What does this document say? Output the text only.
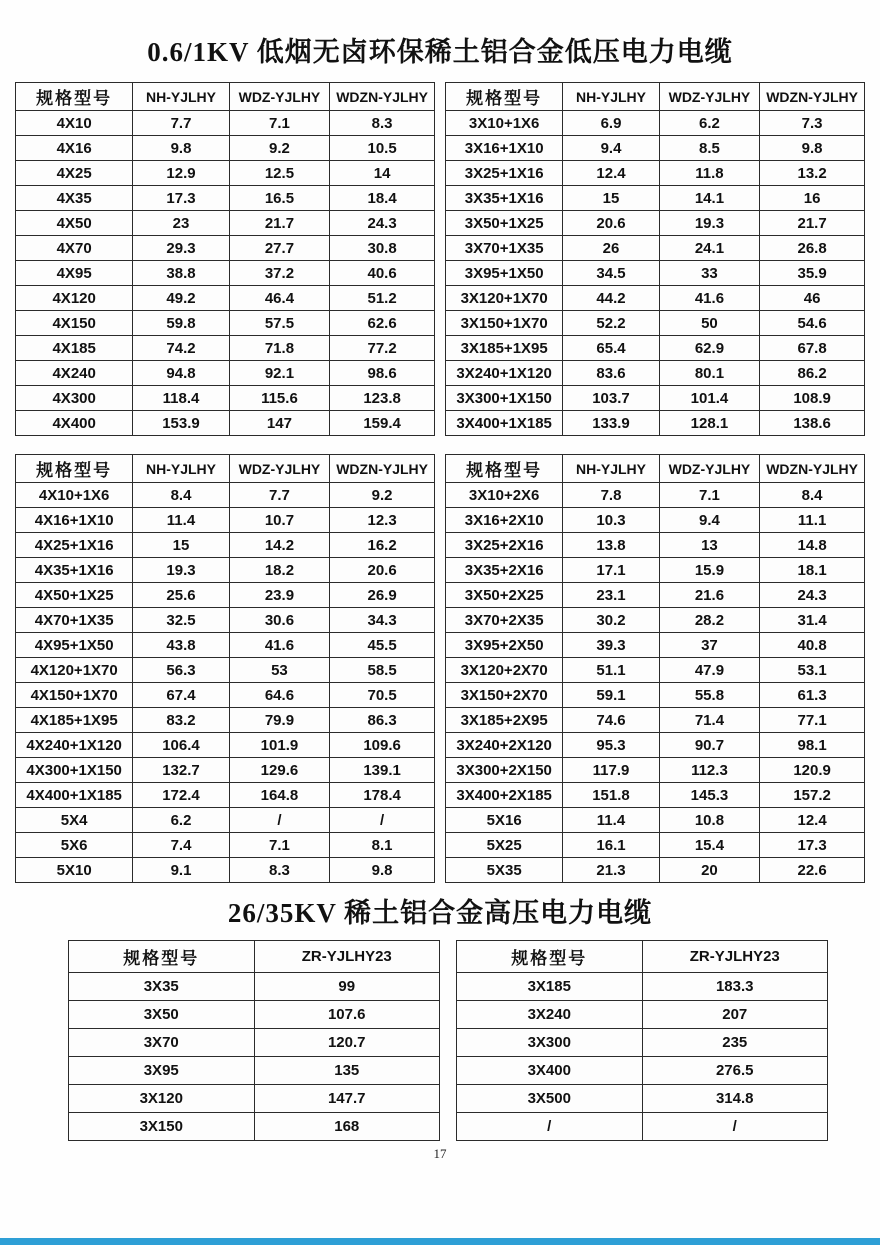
0.6/1KV 低烟无卤环保稀土铝合金低压电力电缆
规格型号	NH-YJLHY	WDZ-YJLHY	WDZN-YJLHY
4X10	7.7	7.1	8.3
4X16	9.8	9.2	10.5
4X25	12.9	12.5	14
4X35	17.3	16.5	18.4
4X50	23	21.7	24.3
4X70	29.3	27.7	30.8
4X95	38.8	37.2	40.6
4X120	49.2	46.4	51.2
4X150	59.8	57.5	62.6
4X185	74.2	71.8	77.2
4X240	94.8	92.1	98.6
4X300	118.4	115.6	123.8
4X400	153.9	147	159.4
规格型号	NH-YJLHY	WDZ-YJLHY	WDZN-YJLHY
3X10+1X6	6.9	6.2	7.3
3X16+1X10	9.4	8.5	9.8
3X25+1X16	12.4	11.8	13.2
3X35+1X16	15	14.1	16
3X50+1X25	20.6	19.3	21.7
3X70+1X35	26	24.1	26.8
3X95+1X50	34.5	33	35.9
3X120+1X70	44.2	41.6	46
3X150+1X70	52.2	50	54.6
3X185+1X95	65.4	62.9	67.8
3X240+1X120	83.6	80.1	86.2
3X300+1X150	103.7	101.4	108.9
3X400+1X185	133.9	128.1	138.6
规格型号	NH-YJLHY	WDZ-YJLHY	WDZN-YJLHY
4X10+1X6	8.4	7.7	9.2
4X16+1X10	11.4	10.7	12.3
4X25+1X16	15	14.2	16.2
4X35+1X16	19.3	18.2	20.6
4X50+1X25	25.6	23.9	26.9
4X70+1X35	32.5	30.6	34.3
4X95+1X50	43.8	41.6	45.5
4X120+1X70	56.3	53	58.5
4X150+1X70	67.4	64.6	70.5
4X185+1X95	83.2	79.9	86.3
4X240+1X120	106.4	101.9	109.6
4X300+1X150	132.7	129.6	139.1
4X400+1X185	172.4	164.8	178.4
5X4	6.2	/	/
5X6	7.4	7.1	8.1
5X10	9.1	8.3	9.8
规格型号	NH-YJLHY	WDZ-YJLHY	WDZN-YJLHY
3X10+2X6	7.8	7.1	8.4
3X16+2X10	10.3	9.4	11.1
3X25+2X16	13.8	13	14.8
3X35+2X16	17.1	15.9	18.1
3X50+2X25	23.1	21.6	24.3
3X70+2X35	30.2	28.2	31.4
3X95+2X50	39.3	37	40.8
3X120+2X70	51.1	47.9	53.1
3X150+2X70	59.1	55.8	61.3
3X185+2X95	74.6	71.4	77.1
3X240+2X120	95.3	90.7	98.1
3X300+2X150	117.9	112.3	120.9
3X400+2X185	151.8	145.3	157.2
5X16	11.4	10.8	12.4
5X25	16.1	15.4	17.3
5X35	21.3	20	22.6
26/35KV 稀土铝合金高压电力电缆
规格型号	ZR-YJLHY23
3X35	99
3X50	107.6
3X70	120.7
3X95	135
3X120	147.7
3X150	168
规格型号	ZR-YJLHY23
3X185	183.3
3X240	207
3X300	235
3X400	276.5
3X500	314.8
/	/
17
